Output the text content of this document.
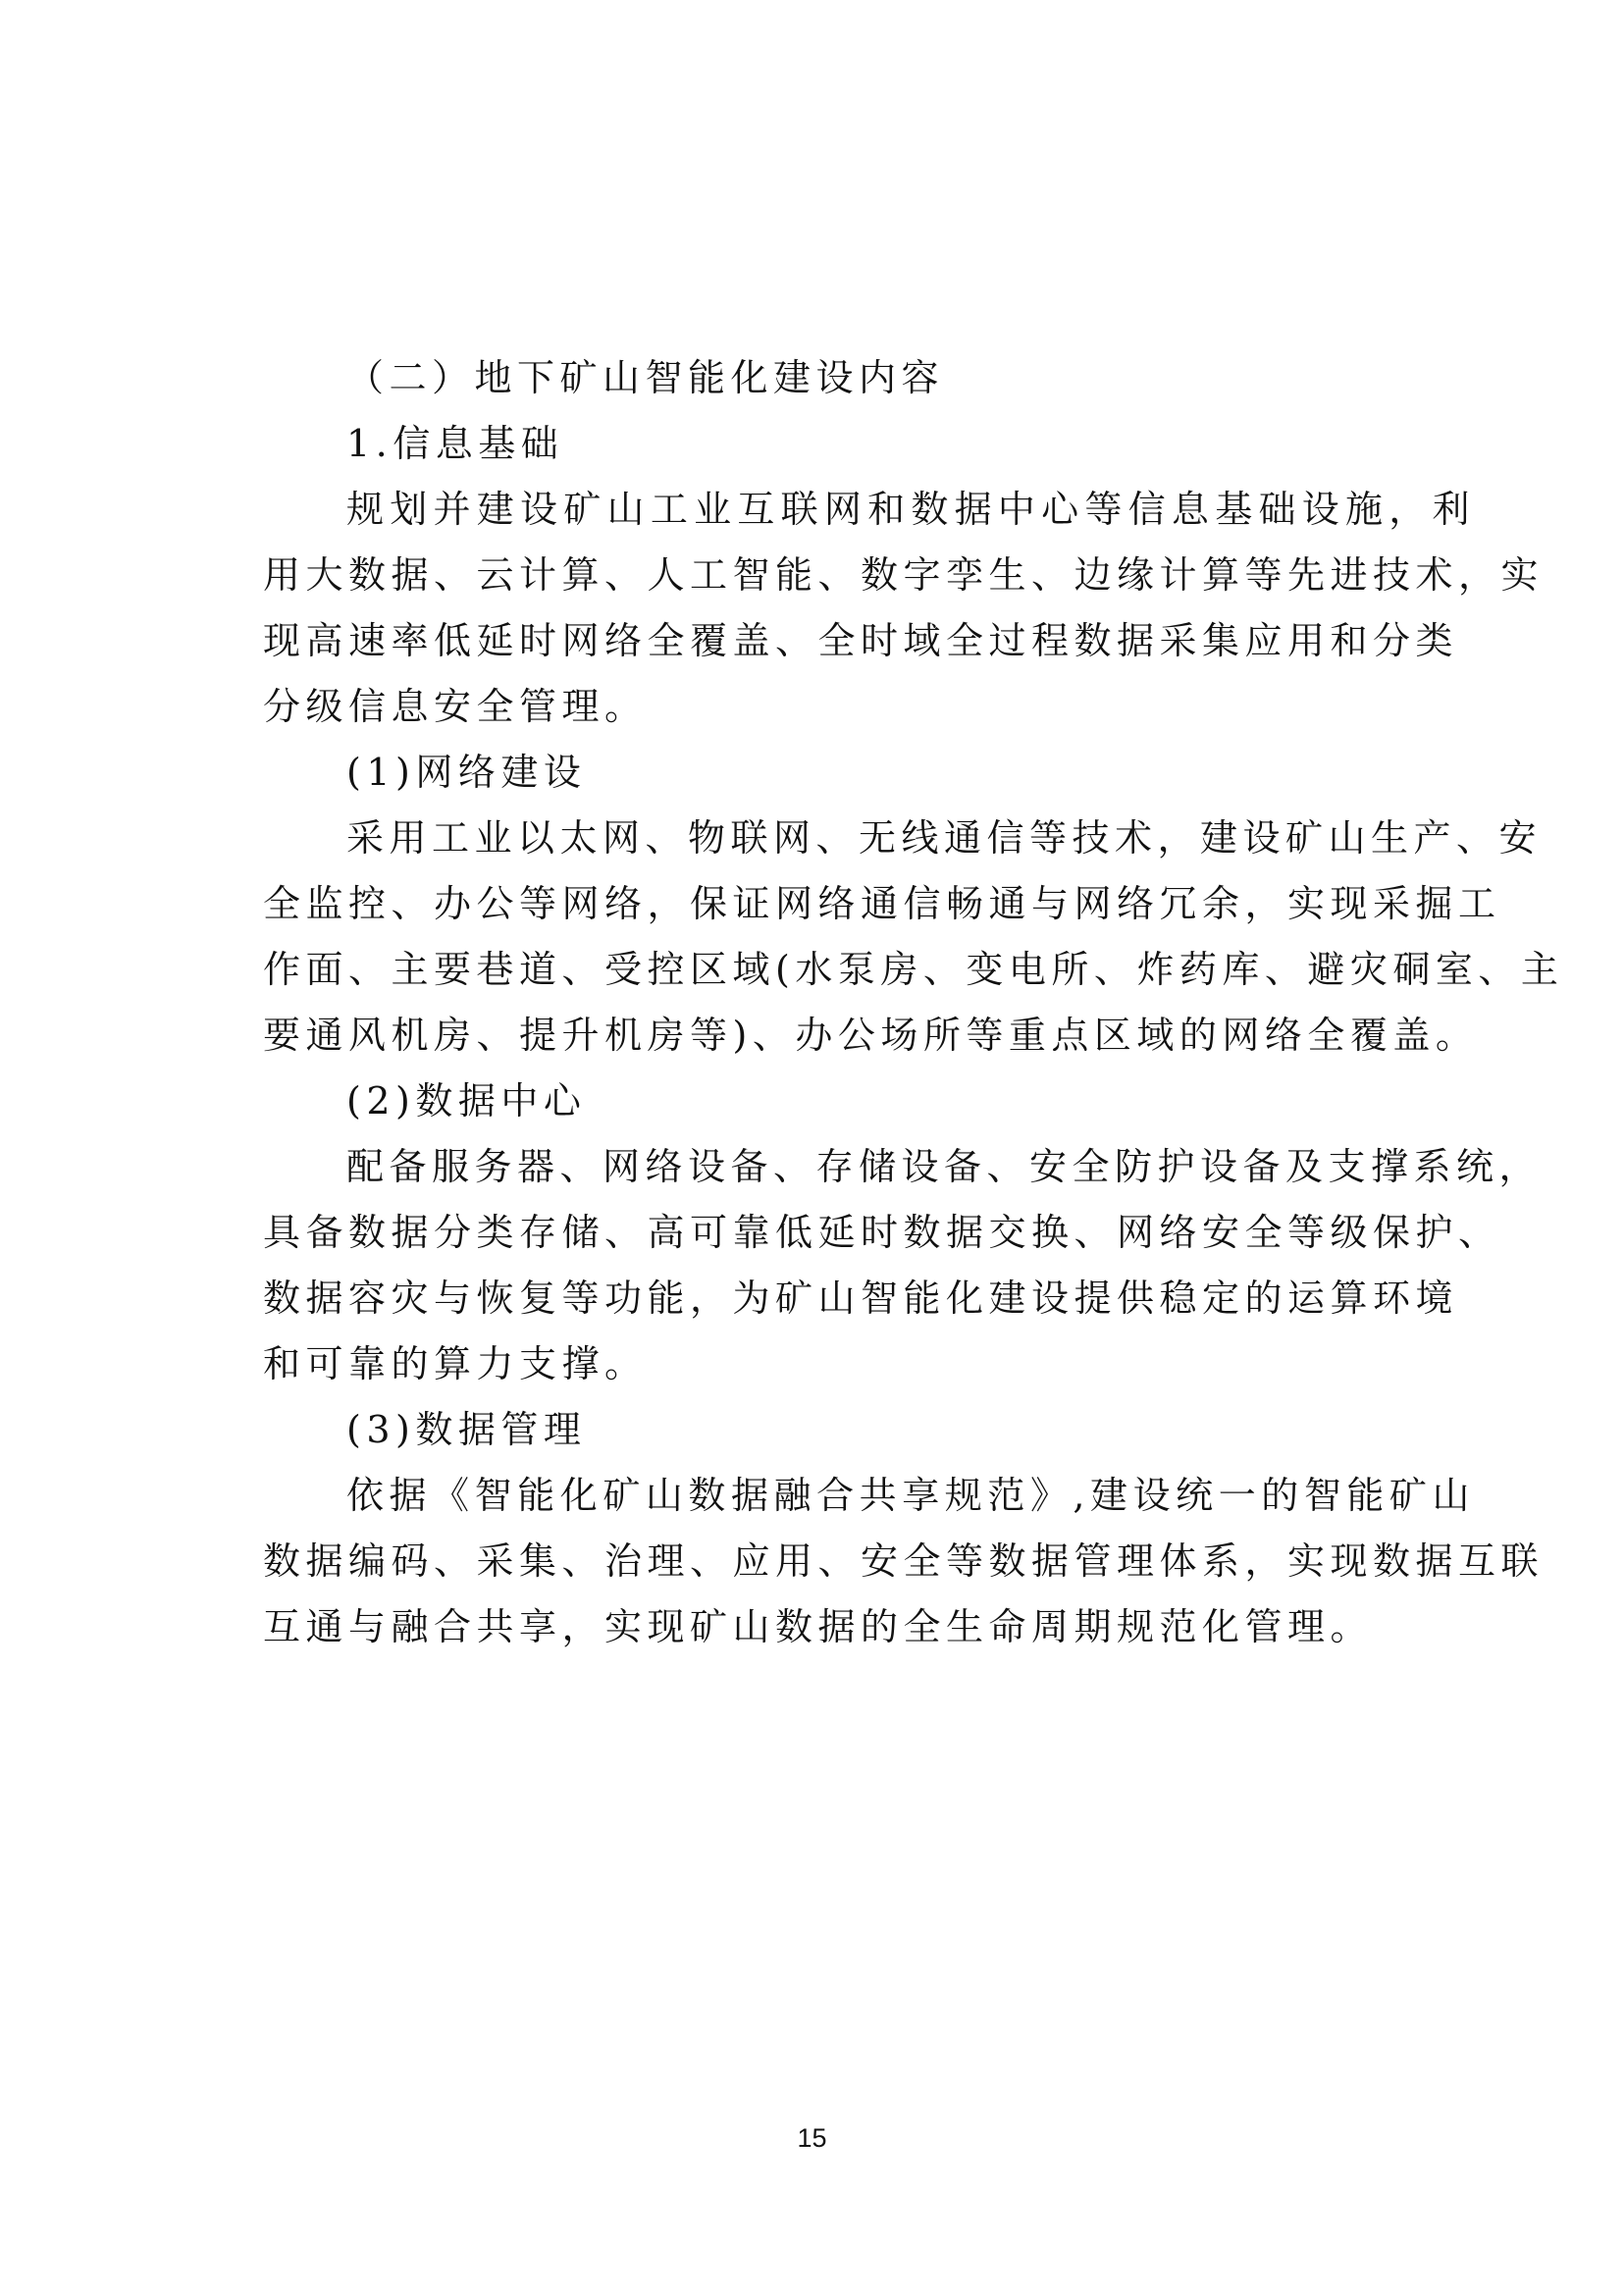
（二）地下矿山智能化建设内容

1.信息基础

规划并建设矿山工业互联网和数据中心等信息基础设施，利

用大数据、云计算、人工智能、数字孪生、边缘计算等先进技术，实

现高速率低延时网络全覆盖、全时域全过程数据采集应用和分类

分级信息安全管理。

(1)网络建设

采用工业以太网、物联网、无线通信等技术，建设矿山生产、安

全监控、办公等网络，保证网络通信畅通与网络冗余，实现采掘工

作面、主要巷道、受控区域(水泵房、变电所、炸药库、避灾硐室、主

要通风机房、提升机房等)、办公场所等重点区域的网络全覆盖。

(2)数据中心

配备服务器、网络设备、存储设备、安全防护设备及支撑系统，

具备数据分类存储、高可靠低延时数据交换、网络安全等级保护、

数据容灾与恢复等功能，为矿山智能化建设提供稳定的运算环境

和可靠的算力支撑。

(3)数据管理

依据《智能化矿山数据融合共享规范》,建设统一的智能矿山

数据编码、采集、治理、应用、安全等数据管理体系，实现数据互联

互通与融合共享，实现矿山数据的全生命周期规范化管理。

15
